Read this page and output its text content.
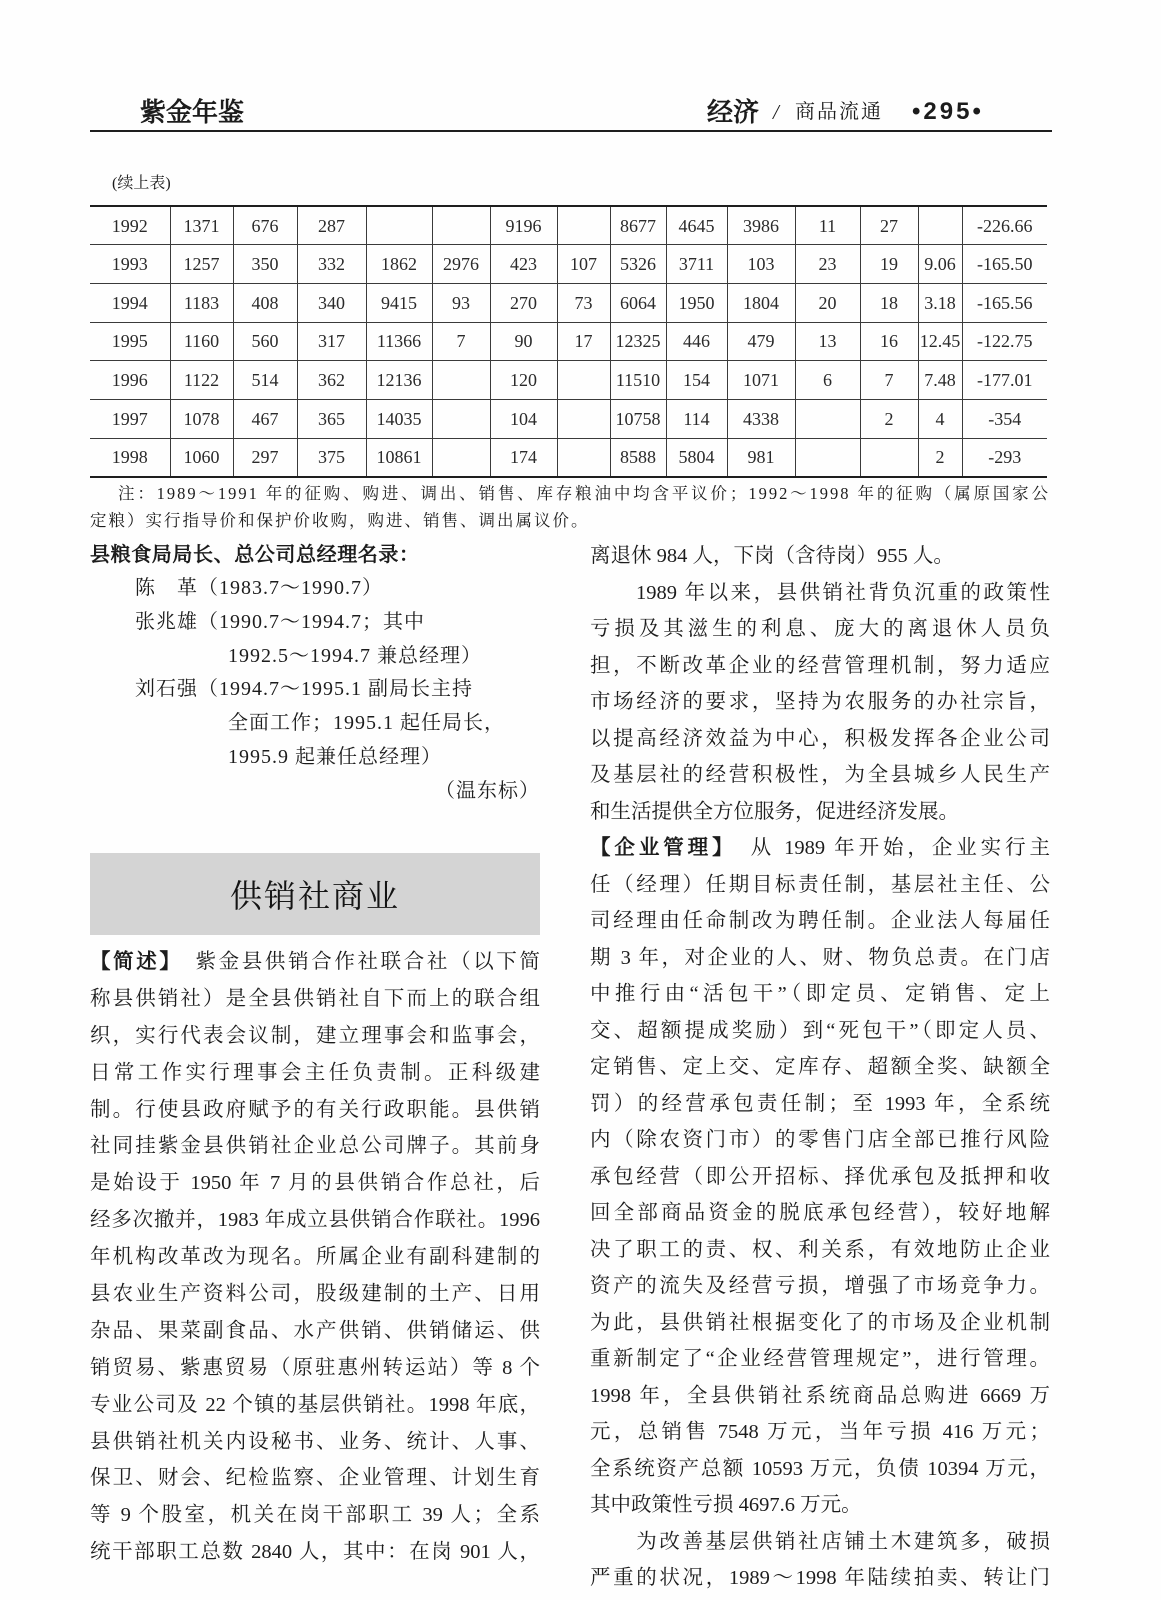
紫金年鉴	经济 / 商品流通 •295•
(续上表)
1992	1371	676	287			9196		8677	4645	3986	11	27		-226.66
1993	1257	350	332	1862	2976	423	107	5326	3711	103	23	19	9.06	-165.50
1994	1183	408	340	9415	93	270	73	6064	1950	1804	20	18	3.18	-165.56
1995	1160	560	317	11366	7	90	17	12325	446	479	13	16	12.45	-122.75
1996	1122	514	362	12136		120		11510	154	1071	6	7	7.48	-177.01
1997	1078	467	365	14035		104		10758	114	4338		2	4	-354
1998	1060	297	375	10861		174		8588	5804	981			2	-293
注：1989～1991 年的征购、购进、调出、销售、库存粮油中均含平议价；1992～1998 年的征购（属原国家公
定粮）实行指导价和保护价收购，购进、销售、调出属议价。
县粮食局局长、总公司总经理名录：
陈　革（1983.7～1990.7）
张兆雄（1990.7～1994.7；其中
1992.5～1994.7 兼总经理）
刘石强（1994.7～1995.1 副局长主持
全面工作；1995.1 起任局长，
1995.9 起兼任总经理）
（温东标）
供销社商业
【简述】　紫金县供销合作社联合社（以下简
称县供销社）是全县供销社自下而上的联合组
织，实行代表会议制，建立理事会和监事会，
日常工作实行理事会主任负责制。正科级建
制。行使县政府赋予的有关行政职能。县供销
社同挂紫金县供销社企业总公司牌子。其前身
是始设于 1950 年 7 月的县供销合作总社，后
经多次撤并，1983 年成立县供销合作联社。1996
年机构改革改为现名。所属企业有副科建制的
县农业生产资料公司，股级建制的土产、日用
杂品、果菜副食品、水产供销、供销储运、供
销贸易、紫惠贸易（原驻惠州转运站）等 8 个
专业公司及 22 个镇的基层供销社。1998 年底，
县供销社机关内设秘书、业务、统计、人事、
保卫、财会、纪检监察、企业管理、计划生育
等 9 个股室，机关在岗干部职工 39 人；全系
统干部职工总数 2840 人，其中：在岗 901 人，
离退休 984 人，下岗（含待岗）955 人。
　　1989 年以来，县供销社背负沉重的政策性
亏损及其滋生的利息、庞大的离退休人员负
担，不断改革企业的经营管理机制，努力适应
市场经济的要求，坚持为农服务的办社宗旨，
以提高经济效益为中心，积极发挥各企业公司
及基层社的经营积极性，为全县城乡人民生产
和生活提供全方位服务，促进经济发展。
【企业管理】　从 1989 年开始，企业实行主
任（经理）任期目标责任制，基层社主任、公
司经理由任命制改为聘任制。企业法人每届任
期 3 年，对企业的人、财、物负总责。在门店
中推行由“活包干”（即定员、定销售、定上
交、超额提成奖励）到“死包干”（即定人员、
定销售、定上交、定库存、超额全奖、缺额全
罚）的经营承包责任制；至 1993 年，全系统
内（除农资门市）的零售门店全部已推行风险
承包经营（即公开招标、择优承包及抵押和收
回全部商品资金的脱底承包经营），较好地解
决了职工的责、权、利关系，有效地防止企业
资产的流失及经营亏损，增强了市场竞争力。
为此，县供销社根据变化了的市场及企业机制
重新制定了“企业经营管理规定”，进行管理。
1998 年，全县供销社系统商品总购进 6669 万
元，总销售 7548 万元，当年亏损 416 万元；
全系统资产总额 10593 万元，负债 10394 万元，
其中政策性亏损 4697.6 万元。
　　为改善基层供销社店铺土木建筑多，破损
严重的状况，1989～1998 年陆续拍卖、转让门
